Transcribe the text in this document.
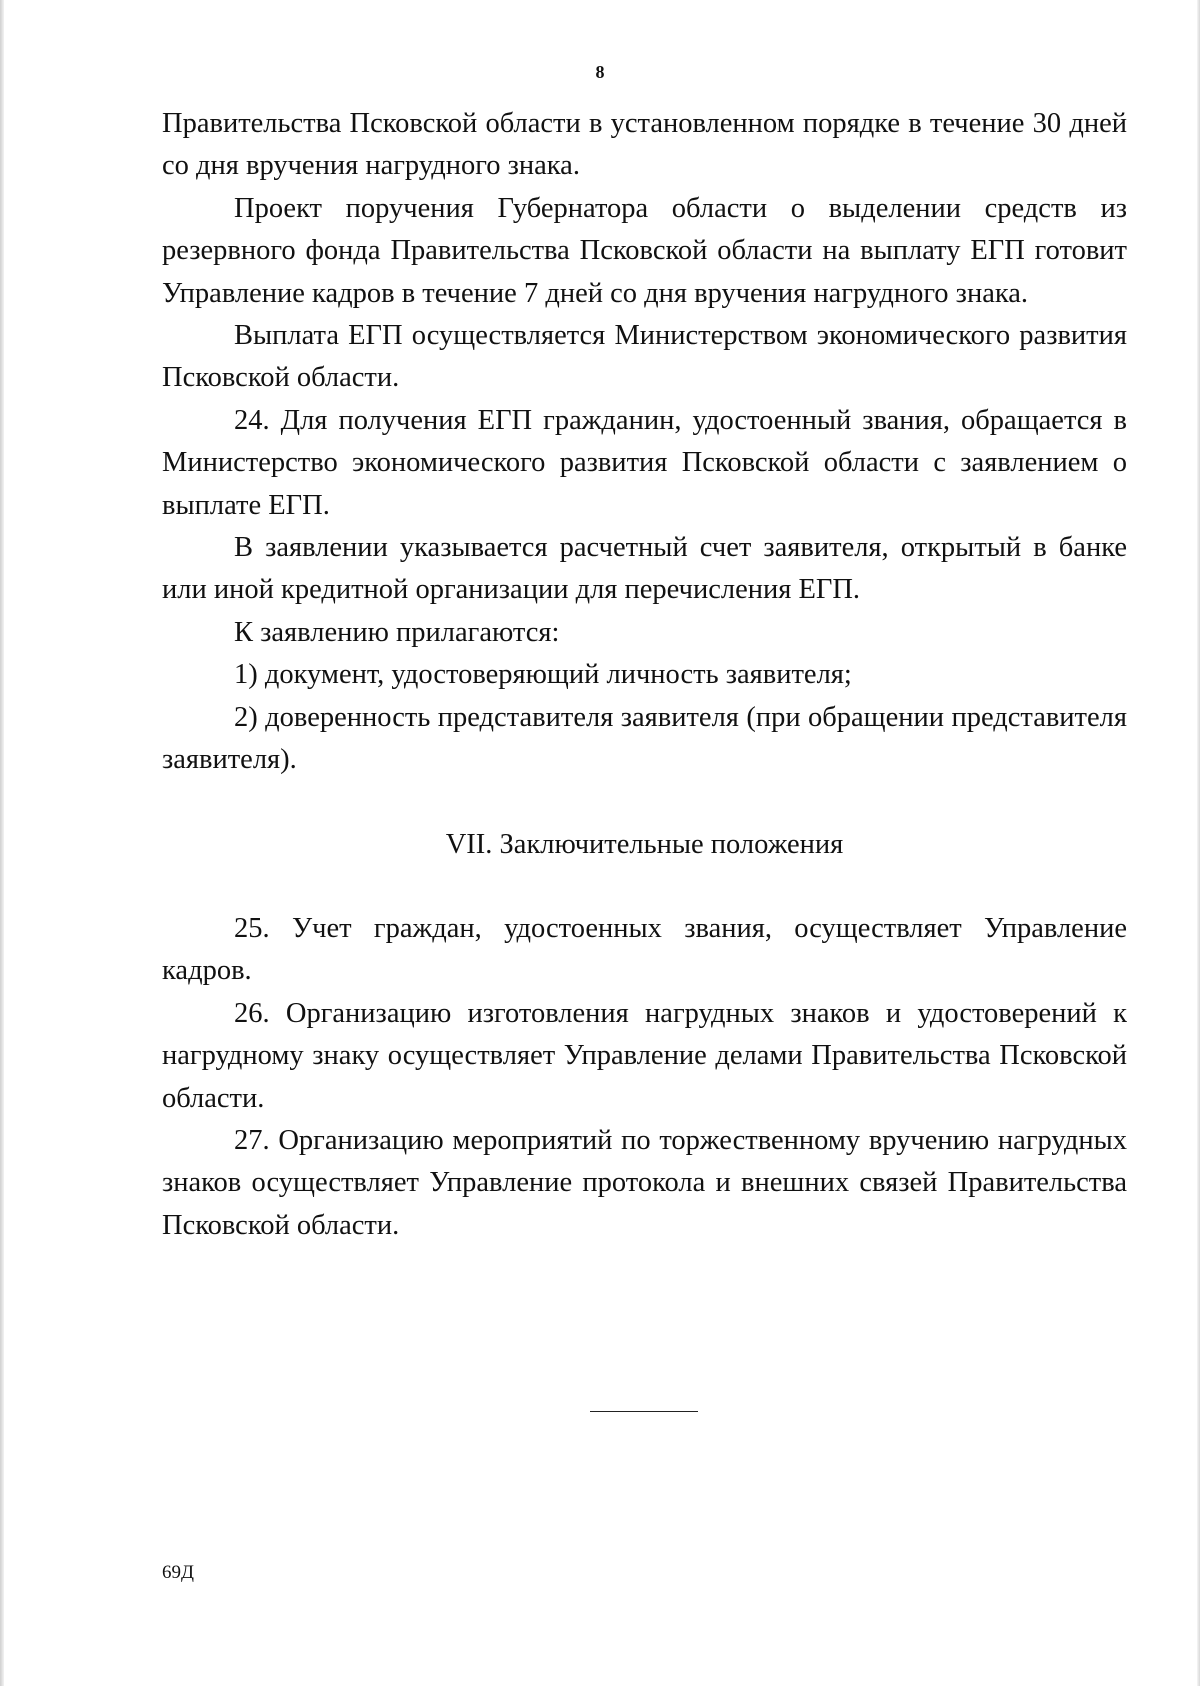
8

Правительства Псковской области в установленном порядке в течение 30 дней со дня вручения нагрудного знака.

Проект поручения Губернатора области о выделении средств из резервного фонда Правительства Псковской области на выплату ЕГП готовит Управление кадров в течение 7 дней со дня вручения нагрудного знака.

Выплата ЕГП осуществляется Министерством экономического развития Псковской области.

24. Для получения ЕГП гражданин, удостоенный звания, обращается в Министерство экономического развития Псковской области с заявлением о выплате ЕГП.

В заявлении указывается расчетный счет заявителя, открытый в банке или иной кредитной организации для перечисления ЕГП.

К заявлению прилагаются:

1) документ, удостоверяющий личность заявителя;

2) доверенность представителя заявителя (при обращении представителя заявителя).

VII. Заключительные положения

25. Учет граждан, удостоенных звания, осуществляет Управление кадров.

26. Организацию изготовления нагрудных знаков и удостоверений к нагрудному знаку осуществляет Управление делами Правительства Псковской области.

27. Организацию мероприятий по торжественному вручению нагрудных знаков осуществляет Управление протокола и внешних связей Правительства Псковской области.

69Д
